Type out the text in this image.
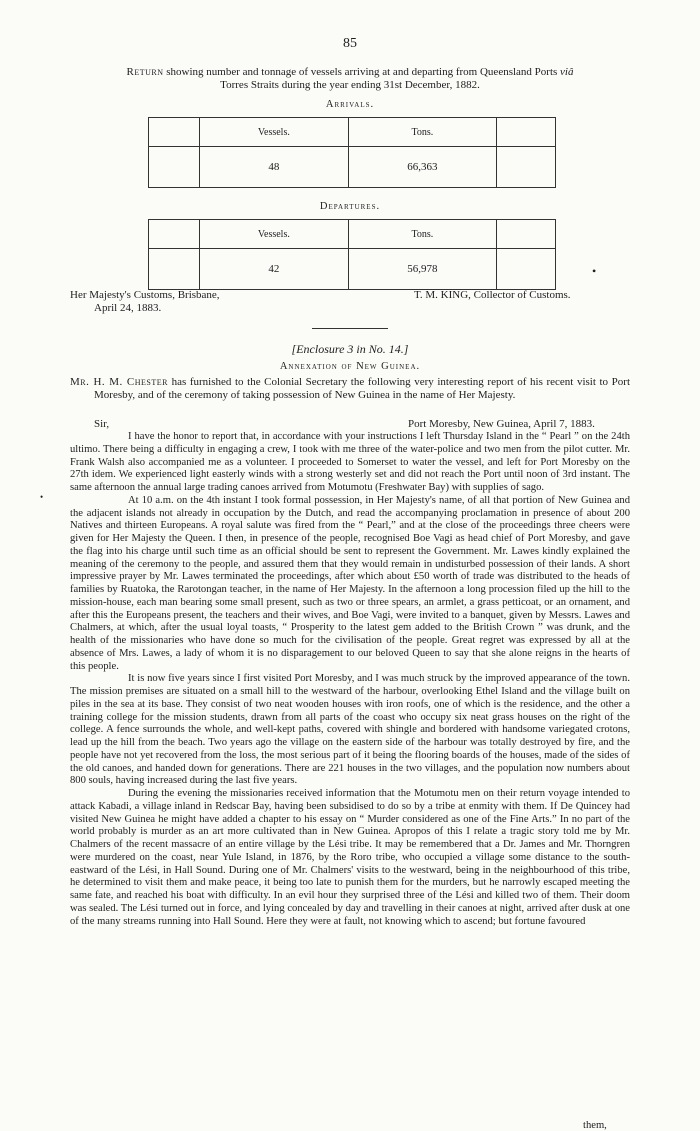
85
Return showing number and tonnage of vessels arriving at and departing from Queensland Ports viâ
Torres Straits during the year ending 31st December, 1882.
Arrivals.
	Vessels.	Tons.	
	48	66,363	
Departures.
	Vessels.	Tons.	
	42	56,978	
Her Majesty's Customs, Brisbane,
April 24, 1883.
T. M. KING, Collector of Customs.
[Enclosure 3 in No. 14.]
Annexation of New Guinea.

Mr. H. M. Chester has furnished to the Colonial Secretary the following very interesting report of his recent visit to Port Moresby, and of the ceremony of taking possession of New Guinea in the name of Her Majesty.

Sir,	Port Moresby, New Guinea, April 7, 1883.

I have the honor to report that, in accordance with your instructions I left Thursday Island in the “ Pearl ” on the 24th ultimo. There being a difficulty in engaging a crew, I took with me three of the water-police and two men from the pilot cutter. Mr. Frank Walsh also accompanied me as a volunteer. I proceeded to Somerset to water the vessel, and left for Port Moresby on the 27th idem. We experienced light easterly winds with a strong westerly set and did not reach the Port until noon of 3rd instant. The same afternoon the annual large trading canoes arrived from Motumotu (Freshwater Bay) with supplies of sago.

At 10 a.m. on the 4th instant I took formal possession, in Her Majesty's name, of all that portion of New Guinea and the adjacent islands not already in occupation by the Dutch, and read the accompanying proclamation in presence of about 200 Natives and thirteen Europeans. A royal salute was fired from the “ Pearl,” and at the close of the proceedings three cheers were given for Her Majesty the Queen. I then, in presence of the people, recognised Boe Vagi as head chief of Port Moresby, and gave the flag into his charge until such time as an official should be sent to represent the Government. Mr. Lawes kindly explained the meaning of the ceremony to the people, and assured them that they would remain in undisturbed possession of their lands. A short impressive prayer by Mr. Lawes terminated the proceedings, after which about £50 worth of trade was distributed to the heads of families by Ruatoka, the Rarotongan teacher, in the name of Her Majesty. In the afternoon a long procession filed up the hill to the mission-house, each man bearing some small present, such as two or three spears, an armlet, a grass petticoat, or an ornament, and after this the Europeans present, the teachers and their wives, and Boe Vagi, were invited to a banquet, given by Messrs. Lawes and Chalmers, at which, after the usual loyal toasts, “ Prosperity to the latest gem added to the British Crown ” was drunk, and the health of the missionaries who have done so much for the civilisation of the people. Great regret was expressed by all at the absence of Mrs. Lawes, a lady of whom it is no disparagement to our beloved Queen to say that she alone reigns in the hearts of this people.

It is now five years since I first visited Port Moresby, and I was much struck by the improved appearance of the town. The mission premises are situated on a small hill to the westward of the harbour, overlooking Ethel Island and the village built on piles in the sea at its base. They consist of two neat wooden houses with iron roofs, one of which is the residence, and the other a training college for the mission students, drawn from all parts of the coast who occupy six neat grass houses on the right of the college. A fence surrounds the whole, and well-kept paths, covered with shingle and bordered with handsome variegated crotons, lead up the hill from the beach. Two years ago the village on the eastern side of the harbour was totally destroyed by fire, and the people have not yet recovered from the loss, the most serious part of it being the flooring boards of the houses, made of the sides of the old canoes, and handed down for generations. There are 221 houses in the two villages, and the population now numbers about 800 souls, having increased during the last five years.

During the evening the missionaries received information that the Motumotu men on their return voyage intended to attack Kabadi, a village inland in Redscar Bay, having been subsidised to do so by a tribe at enmity with them. If De Quincey had visited New Guinea he might have added a chapter to his essay on “ Murder considered as one of the Fine Arts.” In no part of the world probably is murder as an art more cultivated than in New Guinea. Apropos of this I relate a tragic story told me by Mr. Chalmers of the recent massacre of an entire village by the Lési tribe. It may be remembered that a Dr. James and Mr. Thorngren were murdered on the coast, near Yule Island, in 1876, by the Roro tribe, who occupied a village some distance to the south-eastward of the Lési, in Hall Sound. During one of Mr. Chalmers' visits to the westward, being in the neighbourhood of this tribe, he determined to visit them and make peace, it being too late to punish them for the murders, but he narrowly escaped meeting the same fate, and reached his boat with difficulty. In an evil hour they surprised three of the Lési and killed two of them. Their doom was sealed. The Lési turned out in force, and lying concealed by day and travelling in their canoes at night, arrived after dusk at one of the many streams running into Hall Sound. Here they were at fault, not knowing which to ascend; but fortune favoured

them,
•
•
